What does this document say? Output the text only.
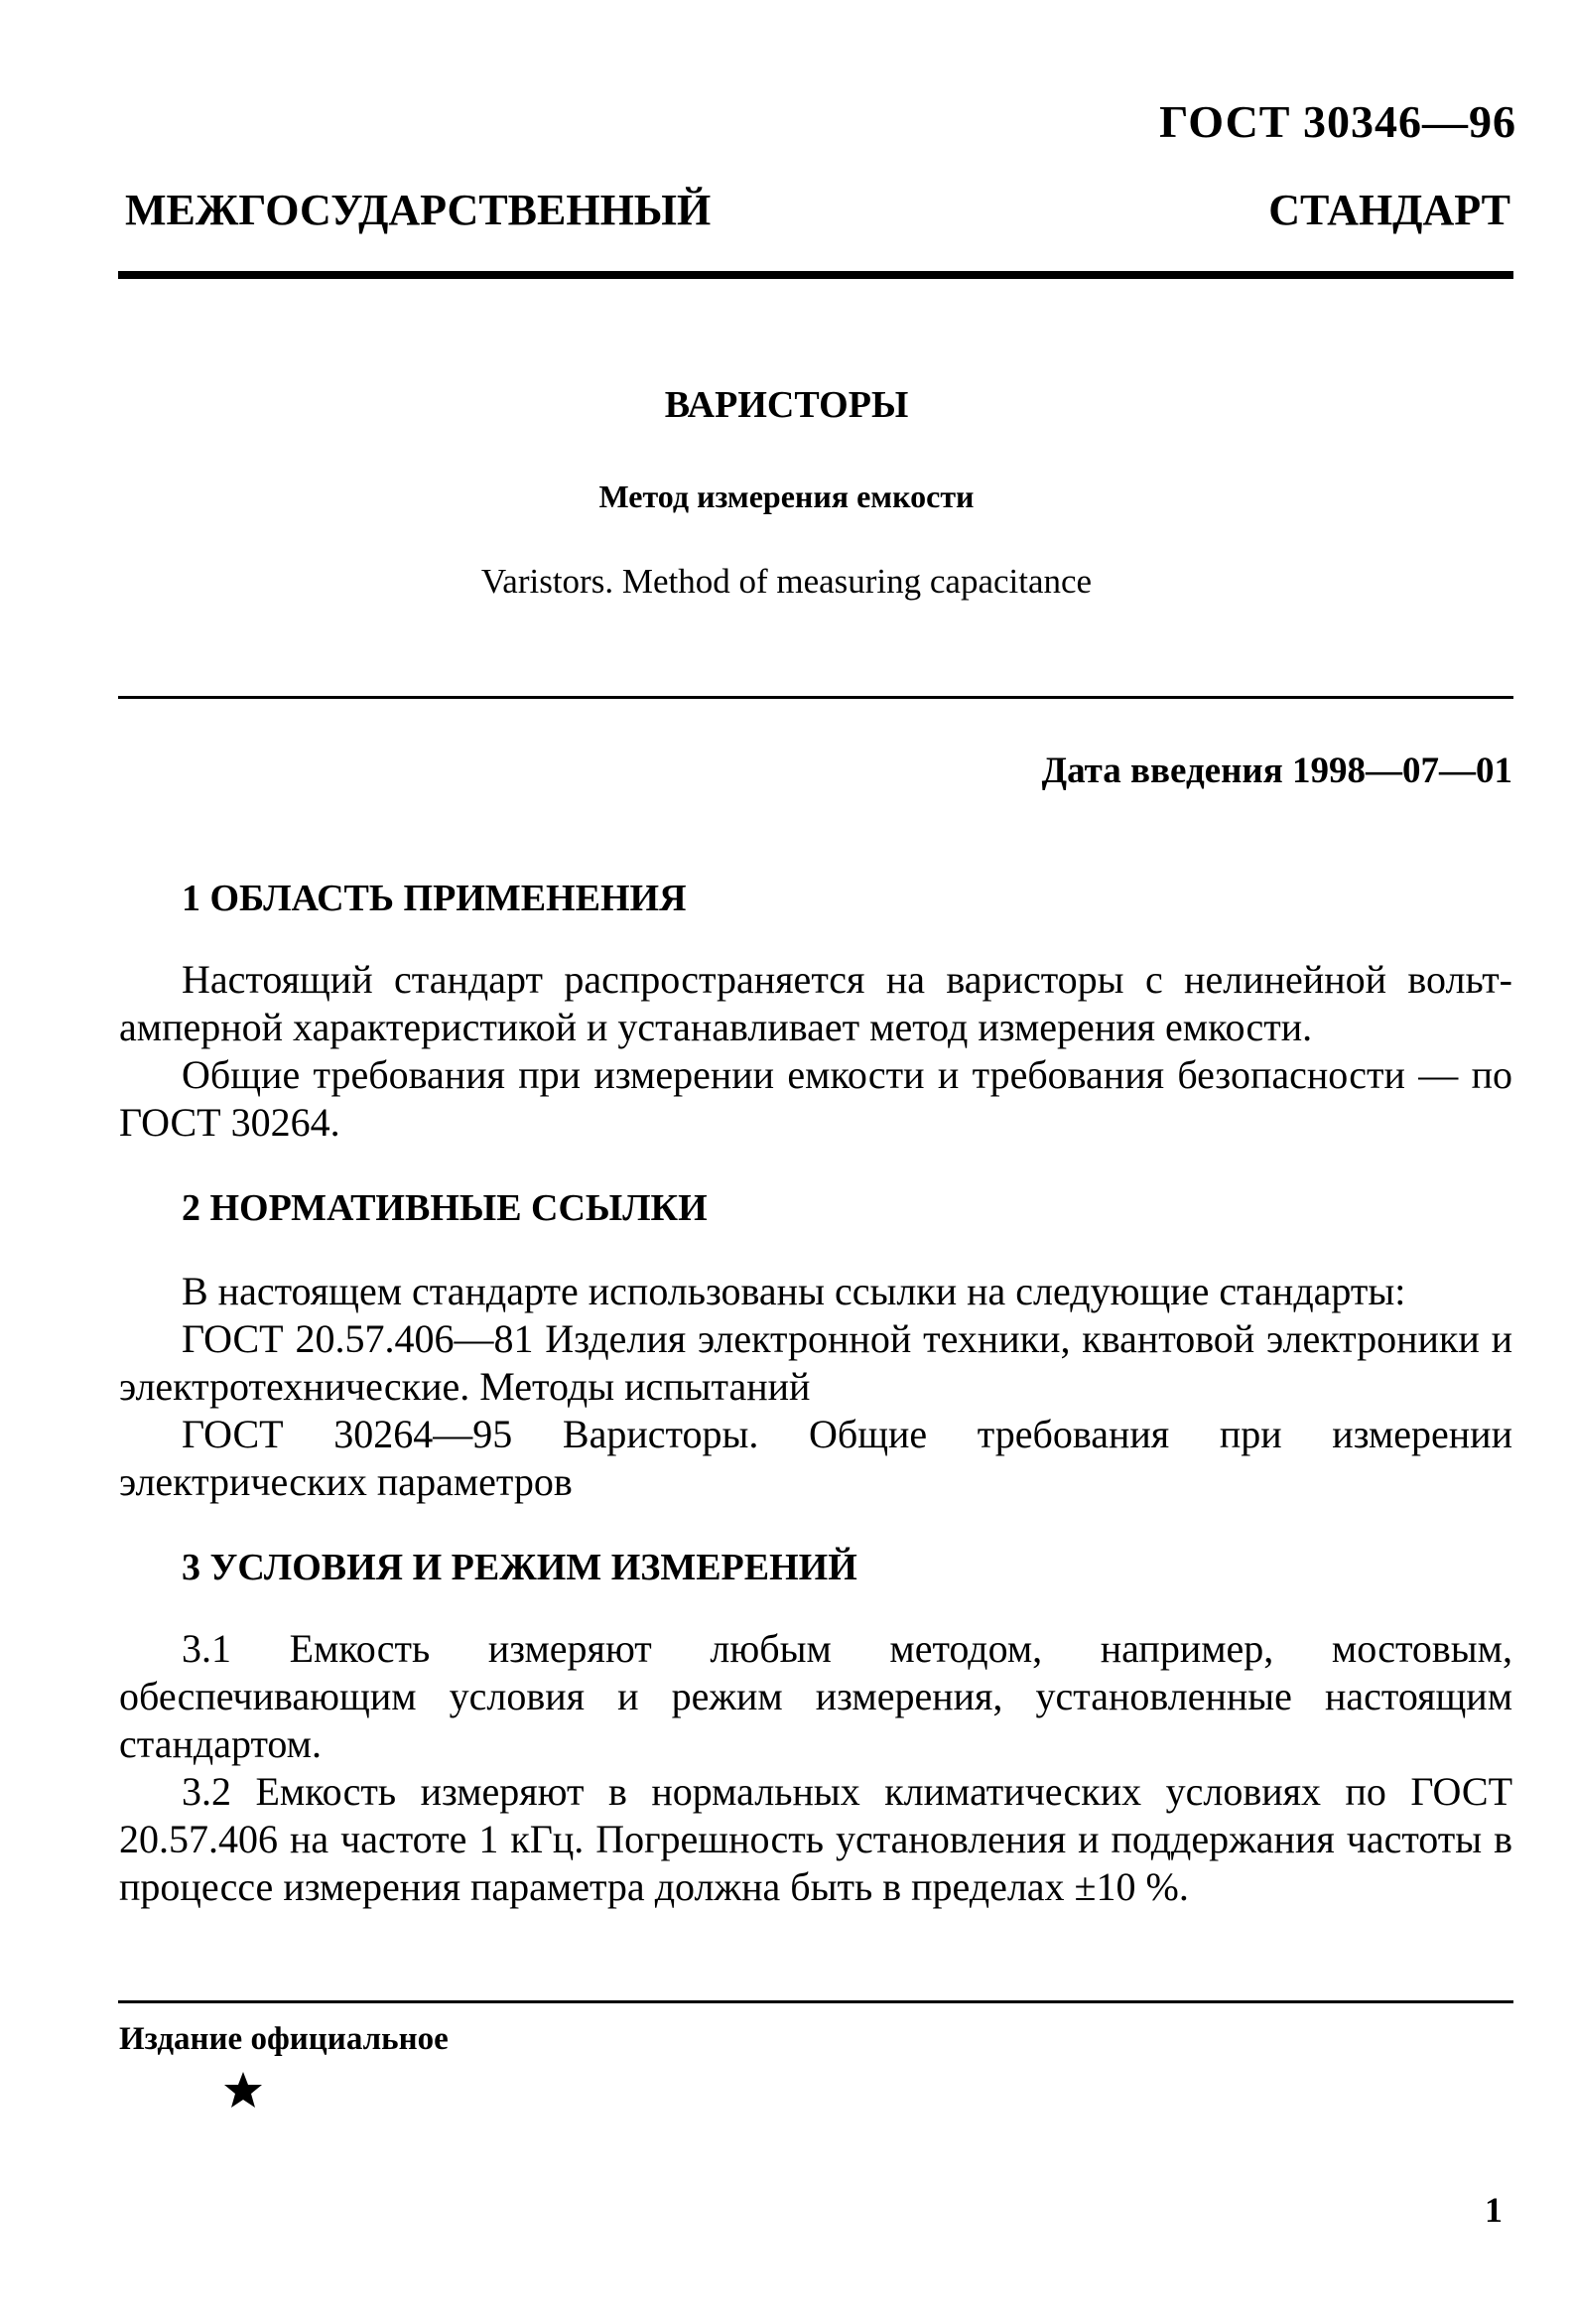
ГОСТ 30346—96
МЕЖГОСУДАРСТВЕННЫЙ	СТАНДАРТ
ВАРИСТОРЫ
Метод измерения емкости
Varistors. Method of measuring capacitance
Дата введения 1998—07—01
1 ОБЛАСТЬ ПРИМЕНЕНИЯ
Настоящий стандарт распространяется на варисторы с нелинейной вольт-амперной характеристикой и устанавливает метод измерения емкости.
Общие требования при измерении емкости и требования безопасности — по ГОСТ 30264.
2 НОРМАТИВНЫЕ ССЫЛКИ
В настоящем стандарте использованы ссылки на следующие стандарты:
ГОСТ 20.57.406—81 Изделия электронной техники, квантовой электроники и электротехнические. Методы испытаний
ГОСТ 30264—95 Варисторы. Общие требования при измерении электрических параметров
3 УСЛОВИЯ И РЕЖИМ ИЗМЕРЕНИЙ
3.1 Емкость измеряют любым методом, например, мостовым, обеспечивающим условия и режим измерения, установленные настоящим стандартом.
3.2 Емкость измеряют в нормальных климатических условиях по ГОСТ 20.57.406 на частоте 1 кГц. Погрешность установления и поддержания частоты в процессе измерения параметра должна быть в пределах ±10 %.
Издание официальное
1
